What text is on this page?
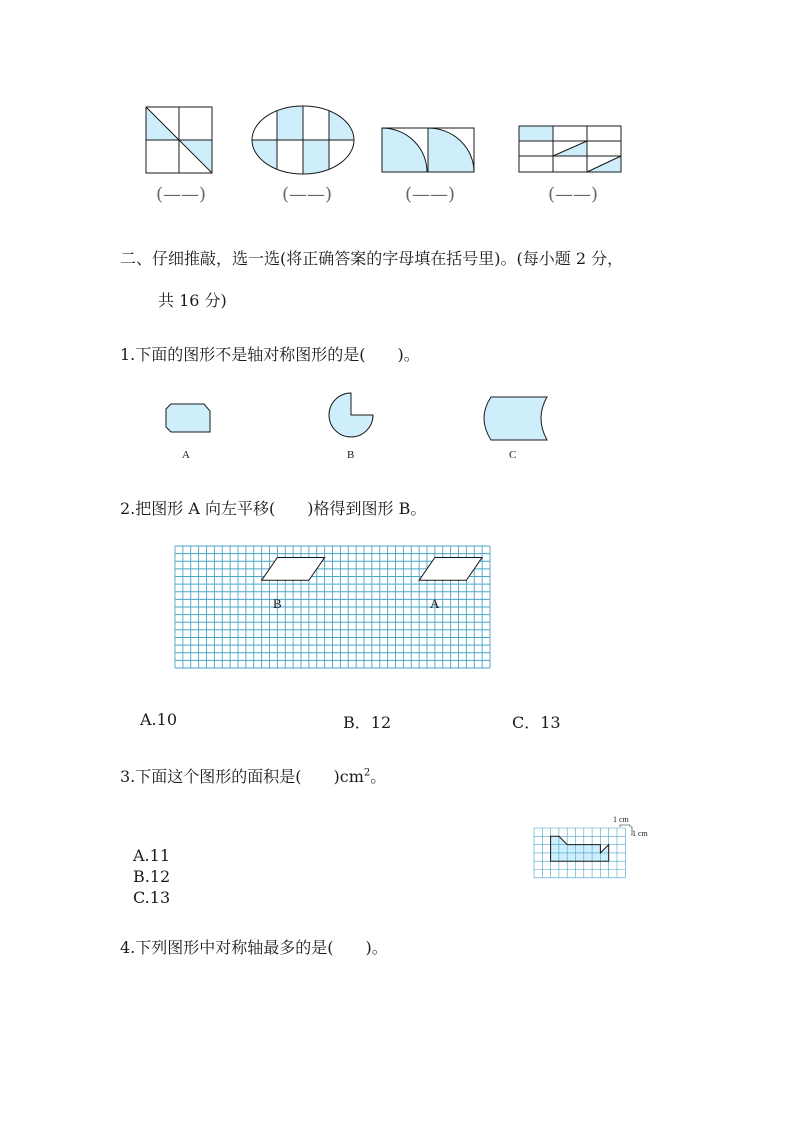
(——)	(——)	(——)	(——)
二、仔细推敲，选一选(将正确答案的字母填在括号里)。(每小题 2 分，
共 16 分)
1.下面的图形不是轴对称图形的是(　　)。
A	B	C
2.把图形 A 向左平移(　　)格得到图形 B。
B	A
A.10	B．12	C．13
3.下面这个图形的面积是(　　)$cm^2$。
A.11
B.12
C.13
1 cm
1 cm
4.下列图形中对称轴最多的是(　　)。
